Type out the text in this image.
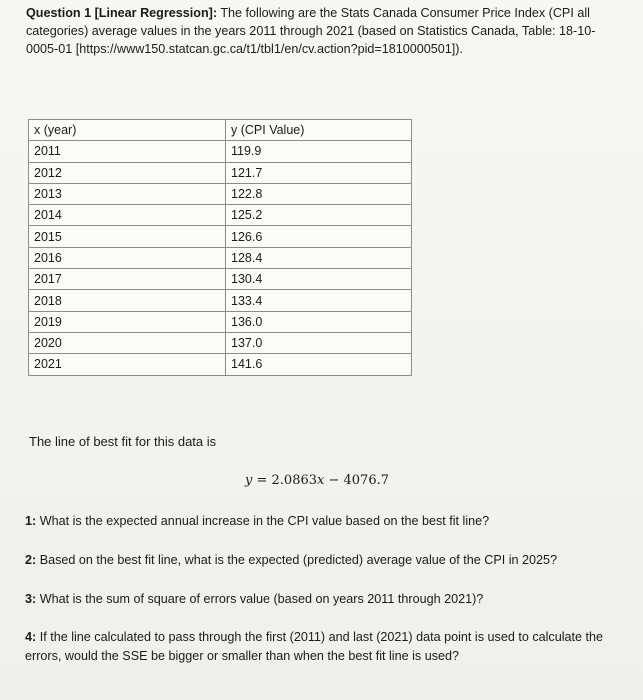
Question 1 [Linear Regression]: The following are the Stats Canada Consumer Price Index (CPI all categories) average values in the years 2011 through 2021 (based on Statistics Canada, Table: 18-10-0005-01 [https://www150.statcan.gc.ca/t1/tbl1/en/cv.action?pid=1810000501]).
x (year)	y (CPI Value)
2011	119.9
2012	121.7
2013	122.8
2014	125.2
2015	126.6
2016	128.4
2017	130.4
2018	133.4
2019	136.0
2020	137.0
2021	141.6
The line of best fit for this data is
y = 2.0863x − 4076.7
1: What is the expected annual increase in the CPI value based on the best fit line?
2: Based on the best fit line, what is the expected (predicted) average value of the CPI in 2025?
3: What is the sum of square of errors value (based on years 2011 through 2021)?
4: If the line calculated to pass through the first (2011) and last (2021) data point is used to calculate the errors, would the SSE be bigger or smaller than when the best fit line is used?
